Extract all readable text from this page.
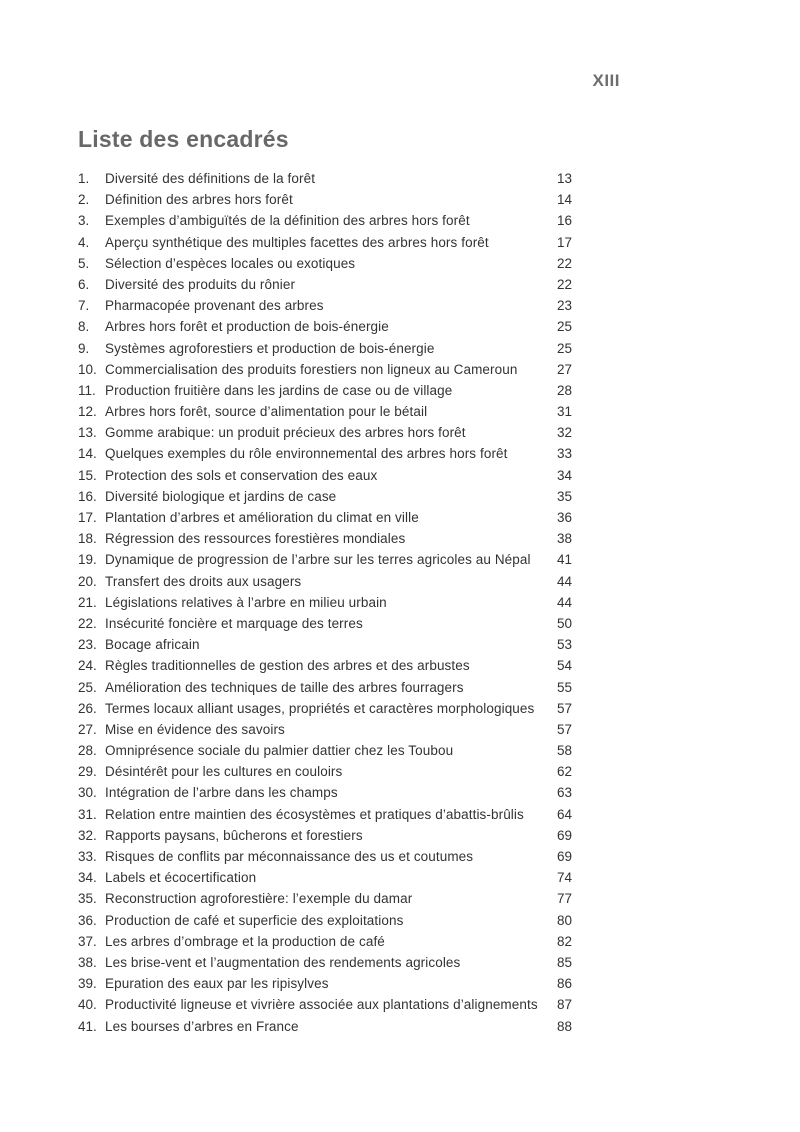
XIII
Liste des encadrés
1.	Diversité des définitions de la forêt	13
2.	Définition des arbres hors forêt	14
3.	Exemples d’ambiguïtés de la définition des arbres hors forêt	16
4.	Aperçu synthétique des multiples facettes des arbres hors forêt	17
5.	Sélection d’espèces locales ou exotiques	22
6.	Diversité des produits du rônier	22
7.	Pharmacopée provenant des arbres	23
8.	Arbres hors forêt et production de bois-énergie	25
9.	Systèmes agroforestiers et production de bois-énergie	25
10. Commercialisation des produits forestiers non ligneux au Cameroun	27
11. Production fruitière dans les jardins de case ou de village	28
12. Arbres hors forêt, source d’alimentation pour le bétail	31
13. Gomme arabique: un produit précieux des arbres hors forêt	32
14. Quelques exemples du rôle environnemental des arbres hors forêt	33
15. Protection des sols et conservation des eaux	34
16. Diversité biologique et jardins de case	35
17. Plantation d’arbres et amélioration du climat en ville	36
18. Régression des ressources forestières mondiales	38
19. Dynamique de progression de l’arbre sur les terres agricoles au Népal	41
20. Transfert des droits aux usagers	44
21. Législations relatives à l’arbre en milieu urbain	44
22. Insécurité foncière et marquage des terres	50
23. Bocage africain	53
24. Règles traditionnelles de gestion des arbres et des arbustes	54
25. Amélioration des techniques de taille des arbres fourragers	55
26. Termes locaux alliant usages, propriétés et caractères morphologiques	57
27. Mise en évidence des savoirs	57
28. Omniprésence sociale du palmier dattier chez les Toubou	58
29. Désintérêt pour les cultures en couloirs	62
30. Intégration de l’arbre dans les champs	63
31. Relation entre maintien des écosystèmes et pratiques d’abattis-brûlis	64
32. Rapports paysans, bûcherons et forestiers	69
33. Risques de conflits par méconnaissance des us et coutumes	69
34. Labels et écocertification	74
35. Reconstruction agroforestière: l’exemple du damar	77
36. Production de café et superficie des exploitations	80
37. Les arbres d’ombrage et la production de café	82
38. Les brise-vent et l’augmentation des rendements agricoles	85
39. Epuration des eaux par les ripisylves	86
40. Productivité ligneuse et vivrière associée aux plantations d’alignements	87
41. Les bourses d’arbres en France	88
